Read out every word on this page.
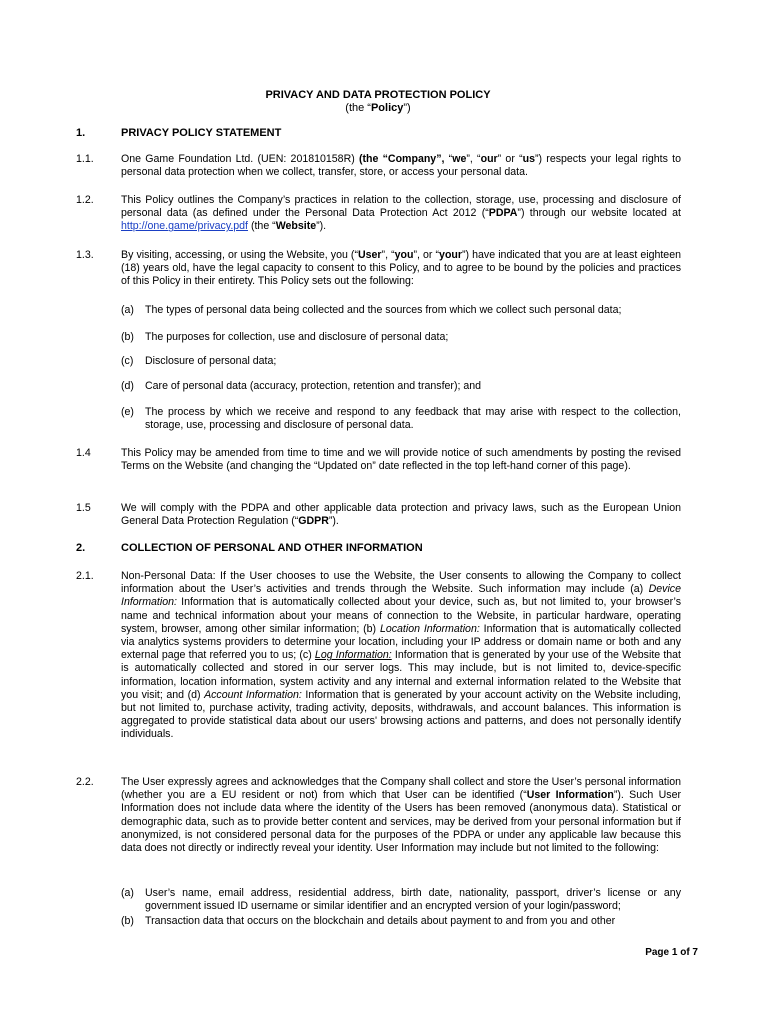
PRIVACY AND DATA PROTECTION POLICY
(the “Policy”)
1.	PRIVACY POLICY STATEMENT
1.1.	One Game Foundation Ltd. (UEN: 201810158R) (the “Company”, “we”, “our” or “us”) respects your legal rights to personal data protection when we collect, transfer, store, or access your personal data.
1.2.	This Policy outlines the Company’s practices in relation to the collection, storage, use, processing and disclosure of personal data (as defined under the Personal Data Protection Act 2012 (“PDPA”) through our website located at http://one.game/privacy.pdf (the “Website”).
1.3.	By visiting, accessing, or using the Website, you (“User”, “you”, or “your”) have indicated that you are at least eighteen (18) years old, have the legal capacity to consent to this Policy, and to agree to be bound by the policies and practices of this Policy in their entirety. This Policy sets out the following:
(a) The types of personal data being collected and the sources from which we collect such personal data;
(b) The purposes for collection, use and disclosure of personal data;
(c) Disclosure of personal data;
(d) Care of personal data (accuracy, protection, retention and transfer); and
(e) The process by which we receive and respond to any feedback that may arise with respect to the collection, storage, use, processing and disclosure of personal data.
1.4	This Policy may be amended from time to time and we will provide notice of such amendments by posting the revised Terms on the Website (and changing the “Updated on” date reflected in the top left-hand corner of this page).
1.5	We will comply with the PDPA and other applicable data protection and privacy laws, such as the European Union General Data Protection Regulation (“GDPR”).
2.	COLLECTION OF PERSONAL AND OTHER INFORMATION
2.1.	Non-Personal Data: If the User chooses to use the Website, the User consents to allowing the Company to collect information about the User’s activities and trends through the Website. Such information may include (a) Device Information: Information that is automatically collected about your device, such as, but not limited to, your browser’s name and technical information about your means of connection to the Website, in particular hardware, operating system, browser, among other similar information; (b) Location Information: Information that is automatically collected via analytics systems providers to determine your location, including your IP address or domain name or both and any external page that referred you to us; (c) Log Information: Information that is generated by your use of the Website that is automatically collected and stored in our server logs. This may include, but is not limited to, device-specific information, location information, system activity and any internal and external information related to the Website that you visit; and (d) Account Information: Information that is generated by your account activity on the Website including, but not limited to, purchase activity, trading activity, deposits, withdrawals, and account balances. This information is aggregated to provide statistical data about our users' browsing actions and patterns, and does not personally identify individuals.
2.2.	The User expressly agrees and acknowledges that the Company shall collect and store the User’s personal information (whether you are a EU resident or not) from which that User can be identified (“User Information”). Such User Information does not include data where the identity of the Users has been removed (anonymous data). Statistical or demographic data, such as to provide better content and services, may be derived from your personal information but if anonymized, is not considered personal data for the purposes of the PDPA or under any applicable law because this data does not directly or indirectly reveal your identity. User Information may include but not limited to the following:
(a) User’s name, email address, residential address, birth date, nationality, passport, driver’s license or any government issued ID username or similar identifier and an encrypted version of your login/password;
(b) Transaction data that occurs on the blockchain and details about payment to and from you and other
Page 1 of 7
